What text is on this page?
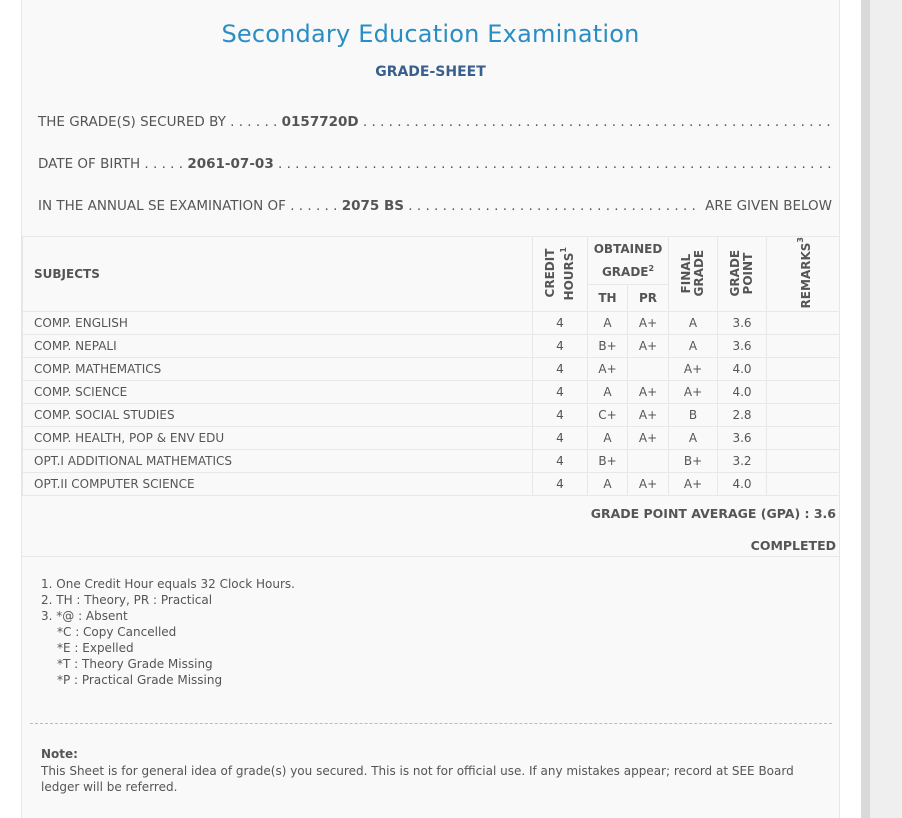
Secondary Education Examination
GRADE-SHEET
THE GRADE(S) SECURED BY . . . . . . 0157720D

. . .
DATE OF BIRTH . . . . . 2061-07-03

. . .
IN THE ANNUAL SE EXAMINATION OF . . . . . . 2075 BS
. . .
	ARE GIVEN BELOW
SUBJECTS	CREDIT HOURS$^1$	OBTAINED GRADE$^2$		FINAL GRADE	GRADE POINT	REMARKS$^3$
		TH	PR			
COMP. ENGLISH	4	A	A+	A	3.6	
COMP. NEPALI	4	B+	A+	A	3.6	
COMP. MATHEMATICS	4	A+		A+	4.0	
COMP. SCIENCE	4	A	A+	A+	4.0	
COMP. SOCIAL STUDIES	4	C+	A+	B	2.8	
COMP. HEALTH, POP & ENV EDU	4	A	A+	A	3.6	
OPT.I ADDITIONAL MATHEMATICS	4	B+		B+	3.2	
OPT.II COMPUTER SCIENCE	4	A	A+	A+	4.0	
GRADE POINT AVERAGE (GPA) : 3.6
COMPLETED
1. One Credit Hour equals 32 Clock Hours.
2. TH : Theory, PR : Practical
3. *@ : Absent
*C : Copy Cancelled
*E : Expelled
*T : Theory Grade Missing
*P : Practical Grade Missing
Note:
This Sheet is for general idea of grade(s) you secured. This is not for official use. If any mistakes appear; record at SEE Board ledger will be referred.
